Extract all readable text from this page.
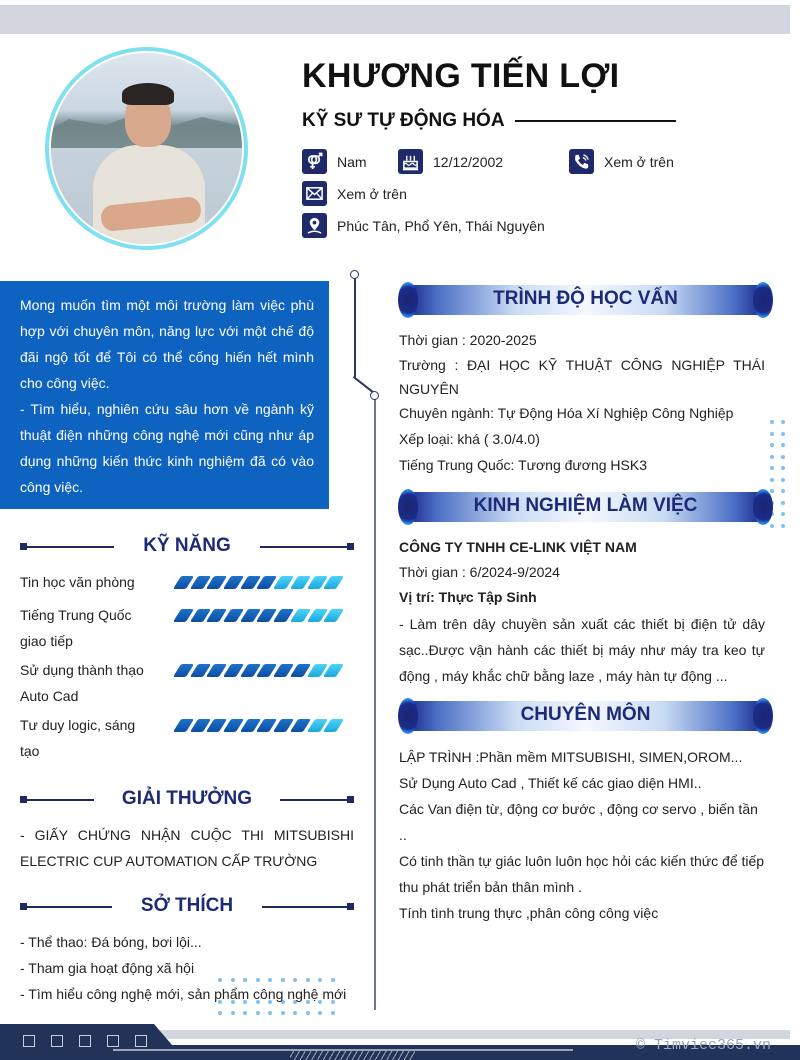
KHƯƠNG TIẾN LỢI
KỸ SƯ TỰ ĐỘNG HÓA
Nam	12/12/2002	Xem ở trên
Xem ở trên
Phúc Tân, Phổ Yên, Thái Nguyên

Mong muốn tìm một môi trường làm việc phù hợp với chuyên môn, năng lực với một chế độ đãi ngộ tốt để Tôi có thể cống hiến hết mình cho công việc.

- Tìm hiểu, nghiên cứu sâu hơn về ngành kỹ thuật điện những công nghệ mới cũng như áp dụng những kiến thức kinh nghiệm đã có vào công việc.

KỸ NĂNG
Tin học văn phòng
Tiếng Trung Quốc giao tiếp
Sử dụng thành thạo Auto Cad
Tư duy logic, sáng tạo
GIẢI THƯỞNG
- GIẤY CHỨNG NHẬN CUỘC THI MITSUBISHI ELECTRIC CUP AUTOMATION CẤP TRƯỜNG
SỞ THÍCH
- Thể thao: Đá bóng, bơi lội...
- Tham gia hoạt động xã hội
- Tìm hiểu công nghệ mới, sản phẩm công nghệ mới
TRÌNH ĐỘ HỌC VẤN
Thời gian : 2020-2025
Trường : ĐẠI HỌC KỸ THUẬT CÔNG NGHIỆP THÁI NGUYÊN
Chuyên ngành: Tự Động Hóa Xí Nghiệp Công Nghiệp
Xếp loại: khá ( 3.0/4.0)
Tiếng Trung Quốc: Tương đương HSK3
KINH NGHIỆM LÀM VIỆC
CÔNG TY TNHH CE-LINK VIỆT NAM
Thời gian : 6/2024-9/2024
Vị trí: Thực Tập Sinh
- Làm trên dây chuyền sản xuất các thiết bị điện tử dây sạc..Được vận hành các thiết bị máy như máy tra keo tự động , máy khắc chữ bằng laze , máy hàn tự động ...
CHUYÊN MÔN
LẬP TRÌNH :Phần mềm MITSUBISHI, SIMEN,OROM...
Sử Dụng Auto Cad , Thiết kế các giao diện HMI..
Các Van điện từ, động cơ bước , động cơ servo , biến tần ..
Có tinh thần tự giác luôn luôn học hỏi các kiến thức để tiếp thu phát triển bản thân mình .
Tính tình trung thực ,phân công công việc
© Timviec365.vn
